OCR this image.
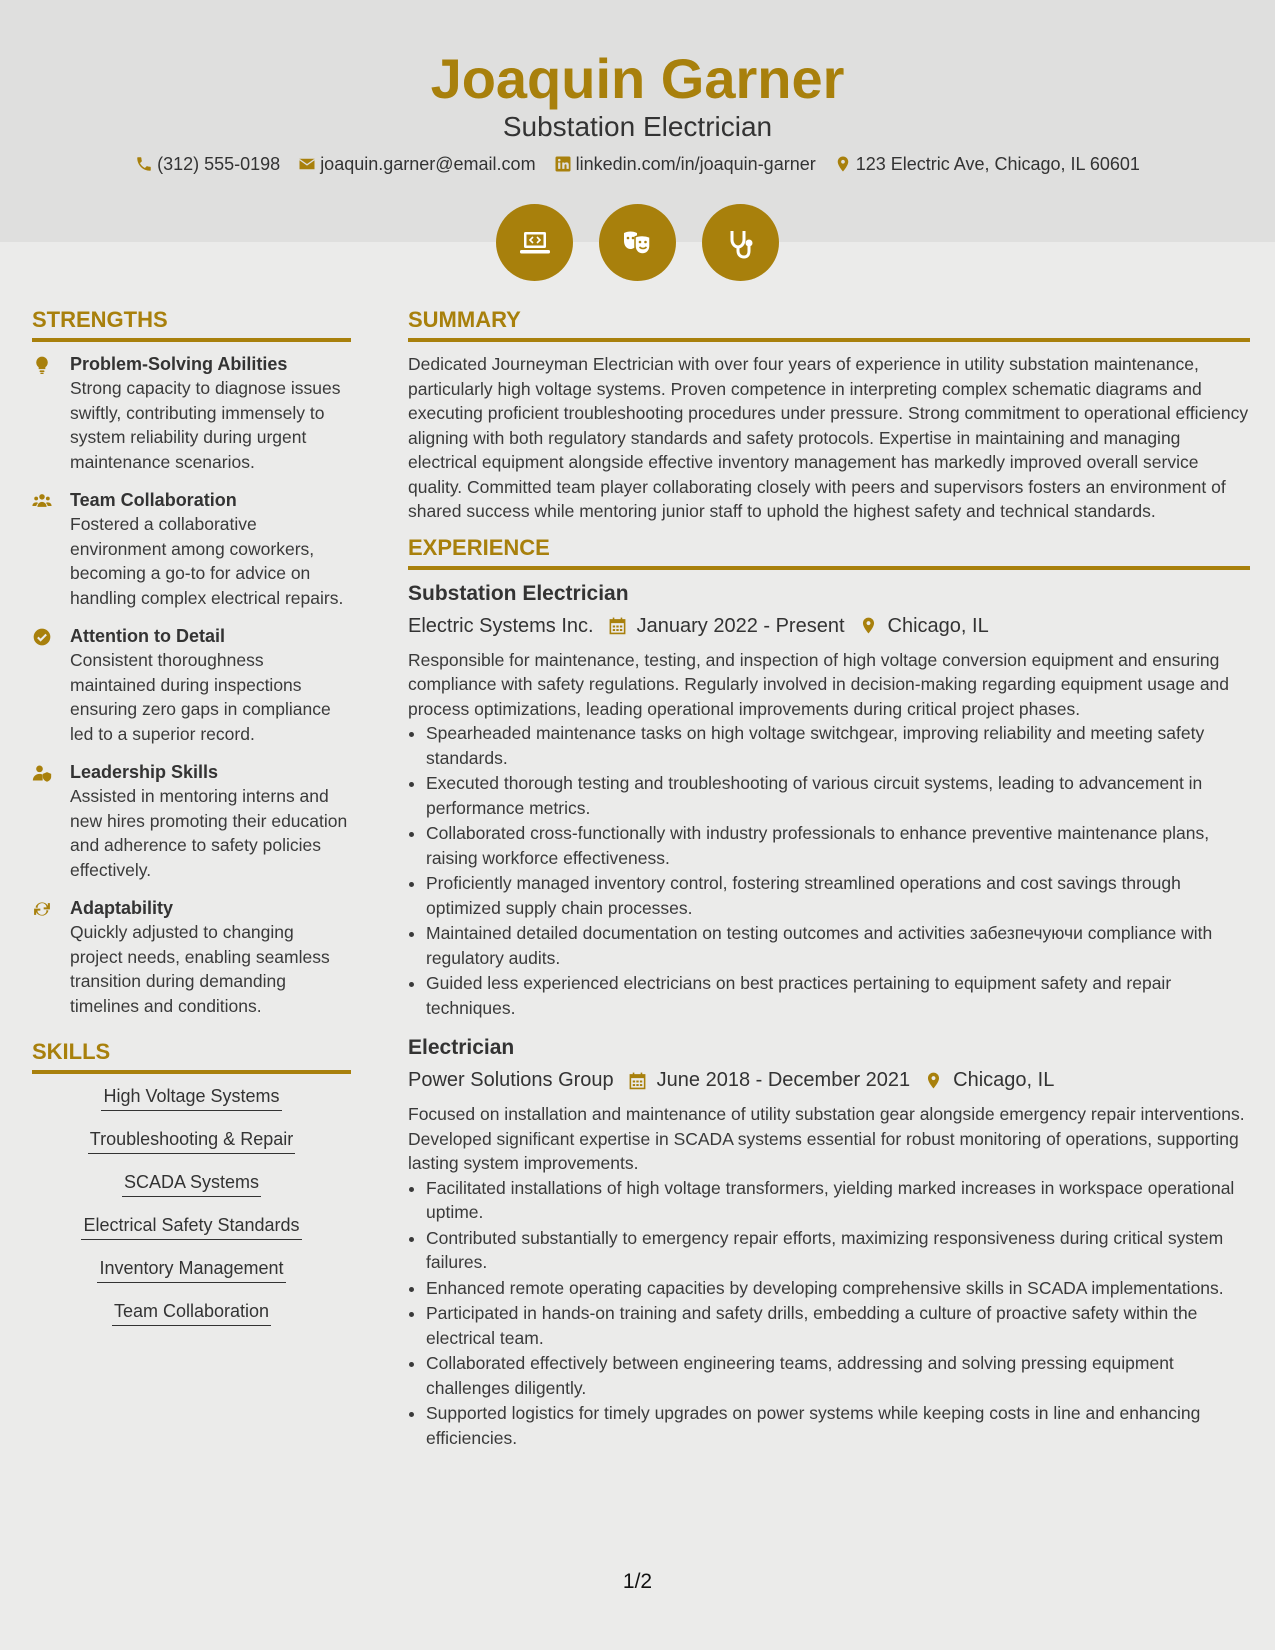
Joaquin Garner
Substation Electrician
(312) 555-0198 joaquin.garner@email.com linkedin.com/in/joaquin-garner 123 Electric Ave, Chicago, IL 60601
STRENGTHS
Problem-Solving Abilities
Strong capacity to diagnose issues swiftly, contributing immensely to system reliability during urgent maintenance scenarios.
Team Collaboration
Fostered a collaborative environment among coworkers, becoming a go-to for advice on handling complex electrical repairs.
Attention to Detail
Consistent thoroughness maintained during inspections ensuring zero gaps in compliance led to a superior record.
Leadership Skills
Assisted in mentoring interns and new hires promoting their education and adherence to safety policies effectively.
Adaptability
Quickly adjusted to changing project needs, enabling seamless transition during demanding timelines and conditions.
SKILLS
High Voltage Systems
Troubleshooting & Repair
SCADA Systems
Electrical Safety Standards
Inventory Management
Team Collaboration
SUMMARY
Dedicated Journeyman Electrician with over four years of experience in utility substation maintenance, particularly high voltage systems. Proven competence in interpreting complex schematic diagrams and executing proficient troubleshooting procedures under pressure. Strong commitment to operational efficiency aligning with both regulatory standards and safety protocols. Expertise in maintaining and managing electrical equipment alongside effective inventory management has markedly improved overall service quality. Committed team player collaborating closely with peers and supervisors fosters an environment of shared success while mentoring junior staff to uphold the highest safety and technical standards.
EXPERIENCE
Substation Electrician
Electric Systems Inc. January 2022 - Present Chicago, IL
Responsible for maintenance, testing, and inspection of high voltage conversion equipment and ensuring compliance with safety regulations. Regularly involved in decision-making regarding equipment usage and process optimizations, leading operational improvements during critical project phases.
• Spearheaded maintenance tasks on high voltage switchgear, improving reliability and meeting safety standards.
• Executed thorough testing and troubleshooting of various circuit systems, leading to advancement in performance metrics.
• Collaborated cross-functionally with industry professionals to enhance preventive maintenance plans, raising workforce effectiveness.
• Proficiently managed inventory control, fostering streamlined operations and cost savings through optimized supply chain processes.
• Maintained detailed documentation on testing outcomes and activities забезпечуючи compliance with regulatory audits.
• Guided less experienced electricians on best practices pertaining to equipment safety and repair techniques.
Electrician
Power Solutions Group June 2018 - December 2021 Chicago, IL
Focused on installation and maintenance of utility substation gear alongside emergency repair interventions. Developed significant expertise in SCADA systems essential for robust monitoring of operations, supporting lasting system improvements.
• Facilitated installations of high voltage transformers, yielding marked increases in workspace operational uptime.
• Contributed substantially to emergency repair efforts, maximizing responsiveness during critical system failures.
• Enhanced remote operating capacities by developing comprehensive skills in SCADA implementations.
• Participated in hands-on training and safety drills, embedding a culture of proactive safety within the electrical team.
• Collaborated effectively between engineering teams, addressing and solving pressing equipment challenges diligently.
• Supported logistics for timely upgrades on power systems while keeping costs in line and enhancing efficiencies.
1/2
